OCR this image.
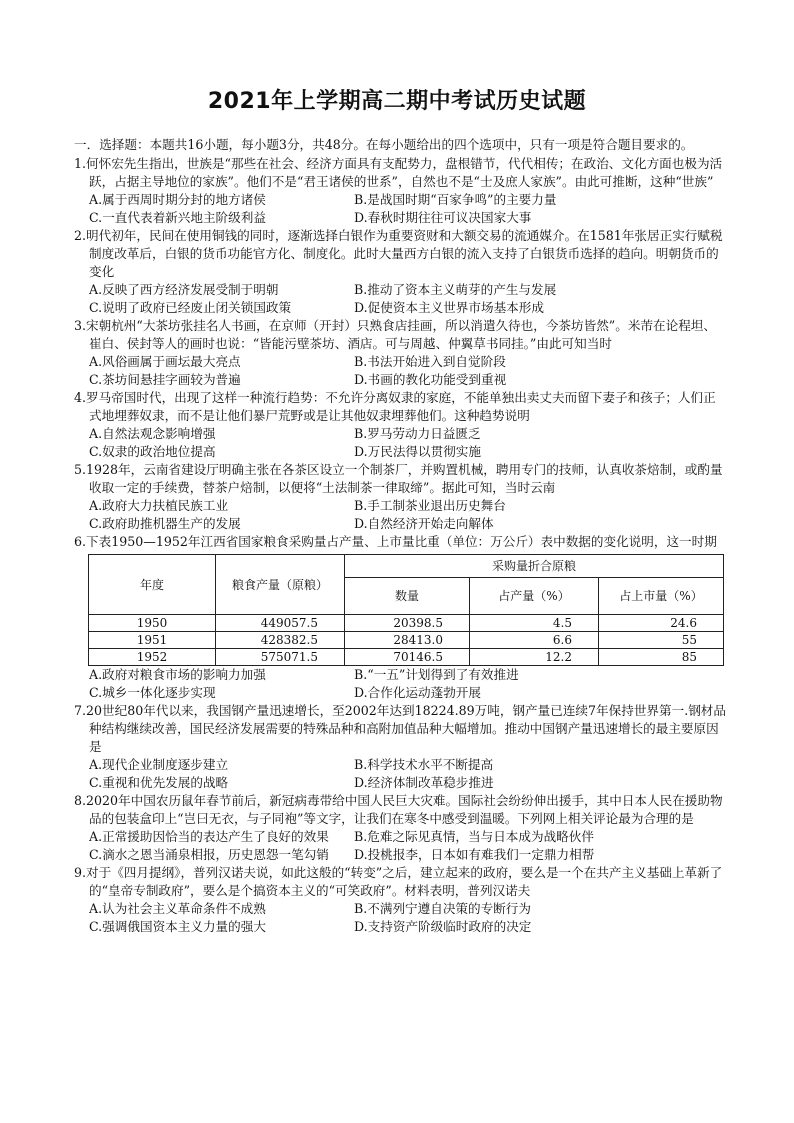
2021年上学期高二期中考试历史试题

一．选择题：本题共16小题，每小题3分，共48分。在每小题给出的四个选项中，只有一项是符合题目要求的。

1.何怀宏先生指出，世族是“那些在社会、经济方面具有支配势力，盘根错节，代代相传；在政治、文化方面也极为活跃，占据主导地位的家族”。他们不是“君王诸侯的世系”，自然也不是“士及庶人家族”。由此可推断，这种“世族”

A.属于西周时期分封的地方诸侯	B.是战国时期“百家争鸣”的主要力量
C.一直代表着新兴地主阶级利益	D.春秋时期往往可议决国家大事

2.明代初年，民间在使用铜钱的同时，逐渐选择白银作为重要资财和大额交易的流通媒介。在1581年张居正实行赋税制度改革后，白银的货币功能官方化、制度化。此时大量西方白银的流入支持了白银货币选择的趋向。明朝货币的变化

A.反映了西方经济发展受制于明朝	B.推动了资本主义萌芽的产生与发展
C.说明了政府已经废止闭关锁国政策	D.促使资本主义世界市场基本形成

3.宋朝杭州“大茶坊张挂名人书画，在京师（开封）只熟食店挂画，所以消遣久待也，今茶坊皆然”。米芾在论程坦、崔白、侯封等人的画时也说：“皆能污壁茶坊、酒店。可与周越、仲翼草书同挂。”由此可知当时

A.风俗画属于画坛最大亮点	B.书法开始进入到自觉阶段
C.茶坊间悬挂字画较为普遍	D.书画的教化功能受到重视

4.罗马帝国时代，出现了这样一种流行趋势：不允许分离奴隶的家庭，不能单独出卖丈夫而留下妻子和孩子；人们正式地埋葬奴隶，而不是让他们暴尸荒野或是让其他奴隶埋葬他们。这种趋势说明

A.自然法观念影响增强	B.罗马劳动力日益匮乏
C.奴隶的政治地位提高	D.万民法得以贯彻实施

5.1928年，云南省建设厅明确主张在各茶区设立一个制茶厂，并购置机械，聘用专门的技师，认真收茶焙制，或酌量收取一定的手续费，替茶户焙制，以便将“土法制茶一律取缔”。据此可知，当时云南

A.政府大力扶植民族工业	B.手工制茶业退出历史舞台
C.政府助推机器生产的发展	D.自然经济开始走向解体

6.下表1950—1952年江西省国家粮食采购量占产量、上市量比重（单位：万公斤）表中数据的变化说明，这一时期

年度	粮食产量（原粮）	采购量折合原粮		
		数量	占产量（%）	占上市量（%）
1950	449057.5	20398.5	4.5	24.6
1951	428382.5	28413.0	6.6	55
1952	575071.5	70146.5	12.2	85
A.政府对粮食市场的影响力加强	B.“一五”计划得到了有效推进
C.城乡一体化逐步实现	D.合作化运动蓬勃开展

7.20世纪80年代以来，我国钢产量迅速增长，至2002年达到18224.89万吨，钢产量已连续7年保持世界第一.钢材品种结构继续改善，国民经济发展需要的特殊品种和高附加值品种大幅增加。推动中国钢产量迅速增长的最主要原因是

A.现代企业制度逐步建立	B.科学技术水平不断提高
C.重视和优先发展的战略	D.经济体制改革稳步推进

8.2020年中国农历鼠年春节前后，新冠病毒带给中国人民巨大灾难。国际社会纷纷伸出援手，其中日本人民在援助物品的包装盒印上“岂曰无衣，与子同袍”等文字，让我们在寒冬中感受到温暖。下列网上相关评论最为合理的是

A.正常援助因恰当的表达产生了良好的效果	B.危难之际见真情，当与日本成为战略伙伴
C.滴水之恩当涌泉相报，历史恩怨一笔勾销	D.投桃报李，日本如有难我们一定鼎力相帮

9.对于《四月提纲》，普列汉诺夫说，如此这般的“转变”之后，建立起来的政府，要么是一个在共产主义基础上革新了的“皇帝专制政府”，要么是个搞资本主义的“可笑政府”。材料表明，普列汉诺夫

A.认为社会主义革命条件不成熟	B.不满列宁遵自决策的专断行为
C.强调俄国资本主义力量的强大	D.支持资产阶级临时政府的决定
